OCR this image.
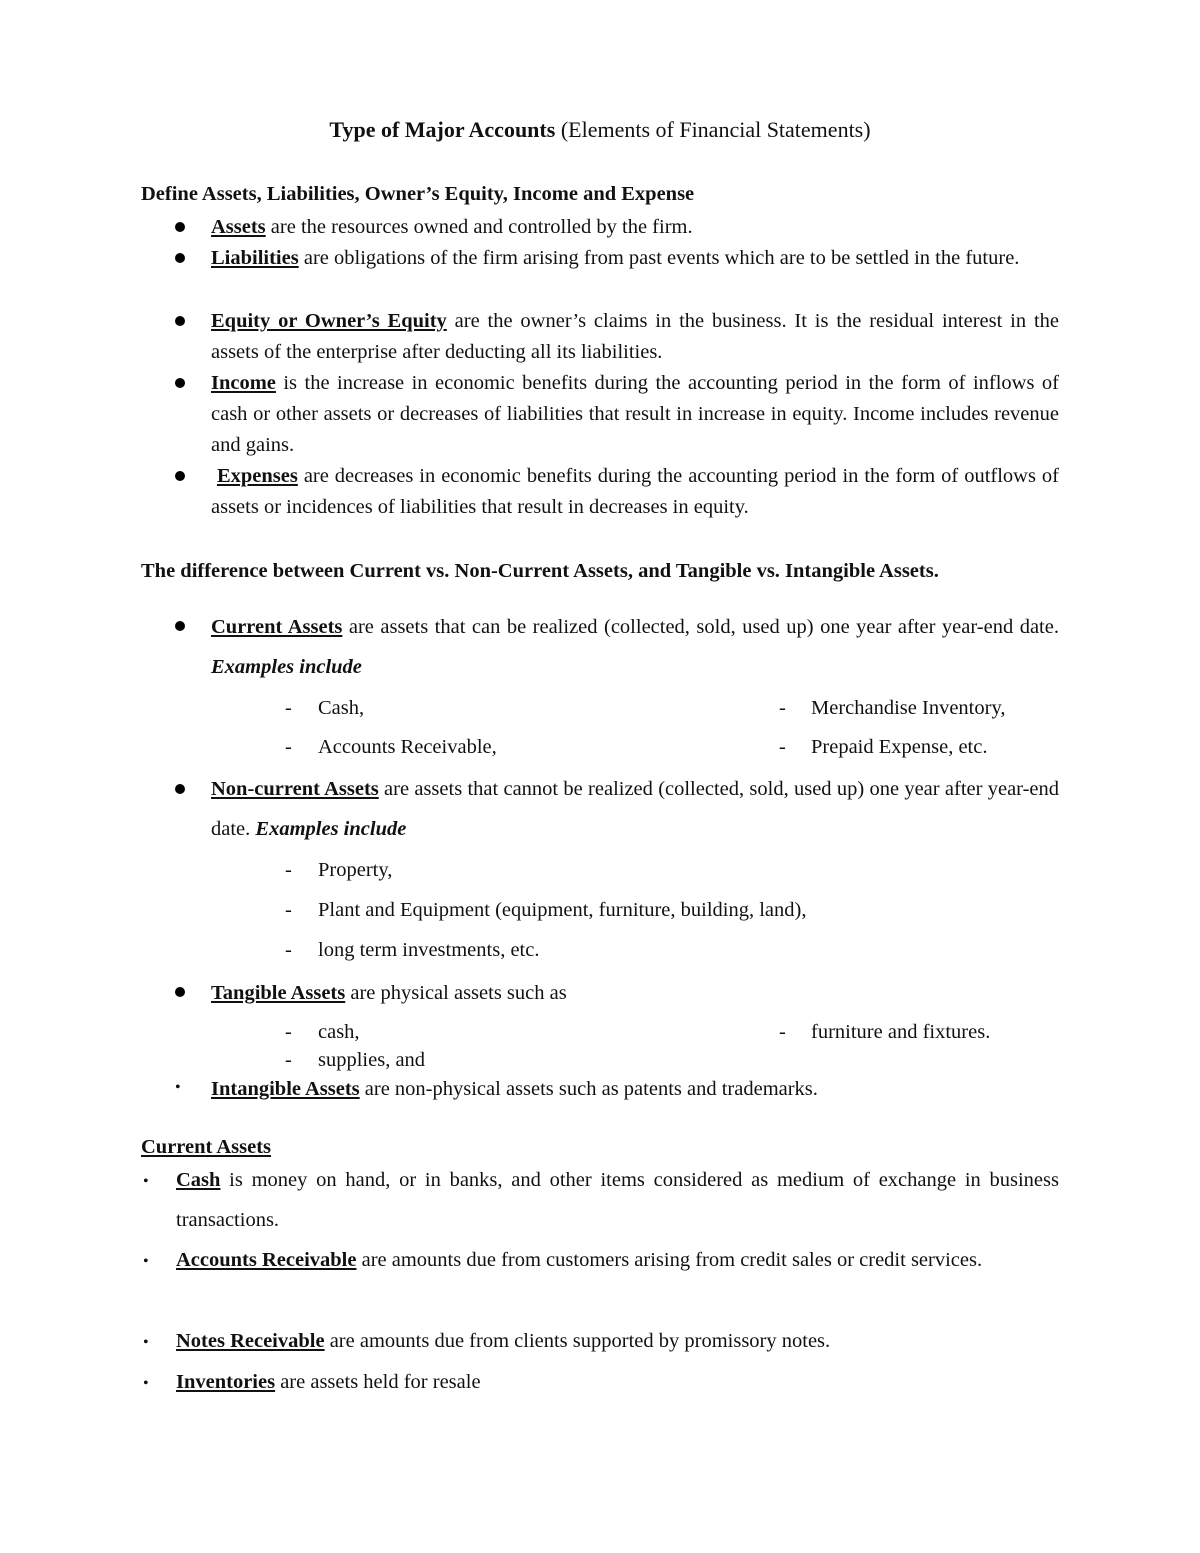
Type of Major Accounts (Elements of Financial Statements)
Define Assets, Liabilities, Owner’s Equity, Income and Expense
Assets are the resources owned and controlled by the firm.
Liabilities are obligations of the firm arising from past events which are to be settled in the future.
Equity or Owner’s Equity are the owner’s claims in the business. It is the residual interest in the assets of the enterprise after deducting all its liabilities.
Income is the increase in economic benefits during the accounting period in the form of inflows of cash or other assets or decreases of liabilities that result in increase in equity. Income includes revenue and gains.
Expenses are decreases in economic benefits during the accounting period in the form of outflows of assets or incidences of liabilities that result in decreases in equity.
The difference between Current vs. Non-Current Assets, and Tangible vs. Intangible Assets.
Current Assets are assets that can be realized (collected, sold, used up) one year after year-end date. Examples include
- Cash,	- Merchandise Inventory,
- Accounts Receivable,	- Prepaid Expense, etc.
Non-current Assets are assets that cannot be realized (collected, sold, used up) one year after year-end date. Examples include
- Property,
- Plant and Equipment (equipment, furniture, building, land),
- long term investments, etc.
Tangible Assets are physical assets such as
- cash,	- furniture and fixtures.
- supplies, and
• Intangible Assets are non-physical assets such as patents and trademarks.
Current Assets
• Cash is money on hand, or in banks, and other items considered as medium of exchange in business transactions.
• Accounts Receivable are amounts due from customers arising from credit sales or credit services.
• Notes Receivable are amounts due from clients supported by promissory notes.
• Inventories are assets held for resale
